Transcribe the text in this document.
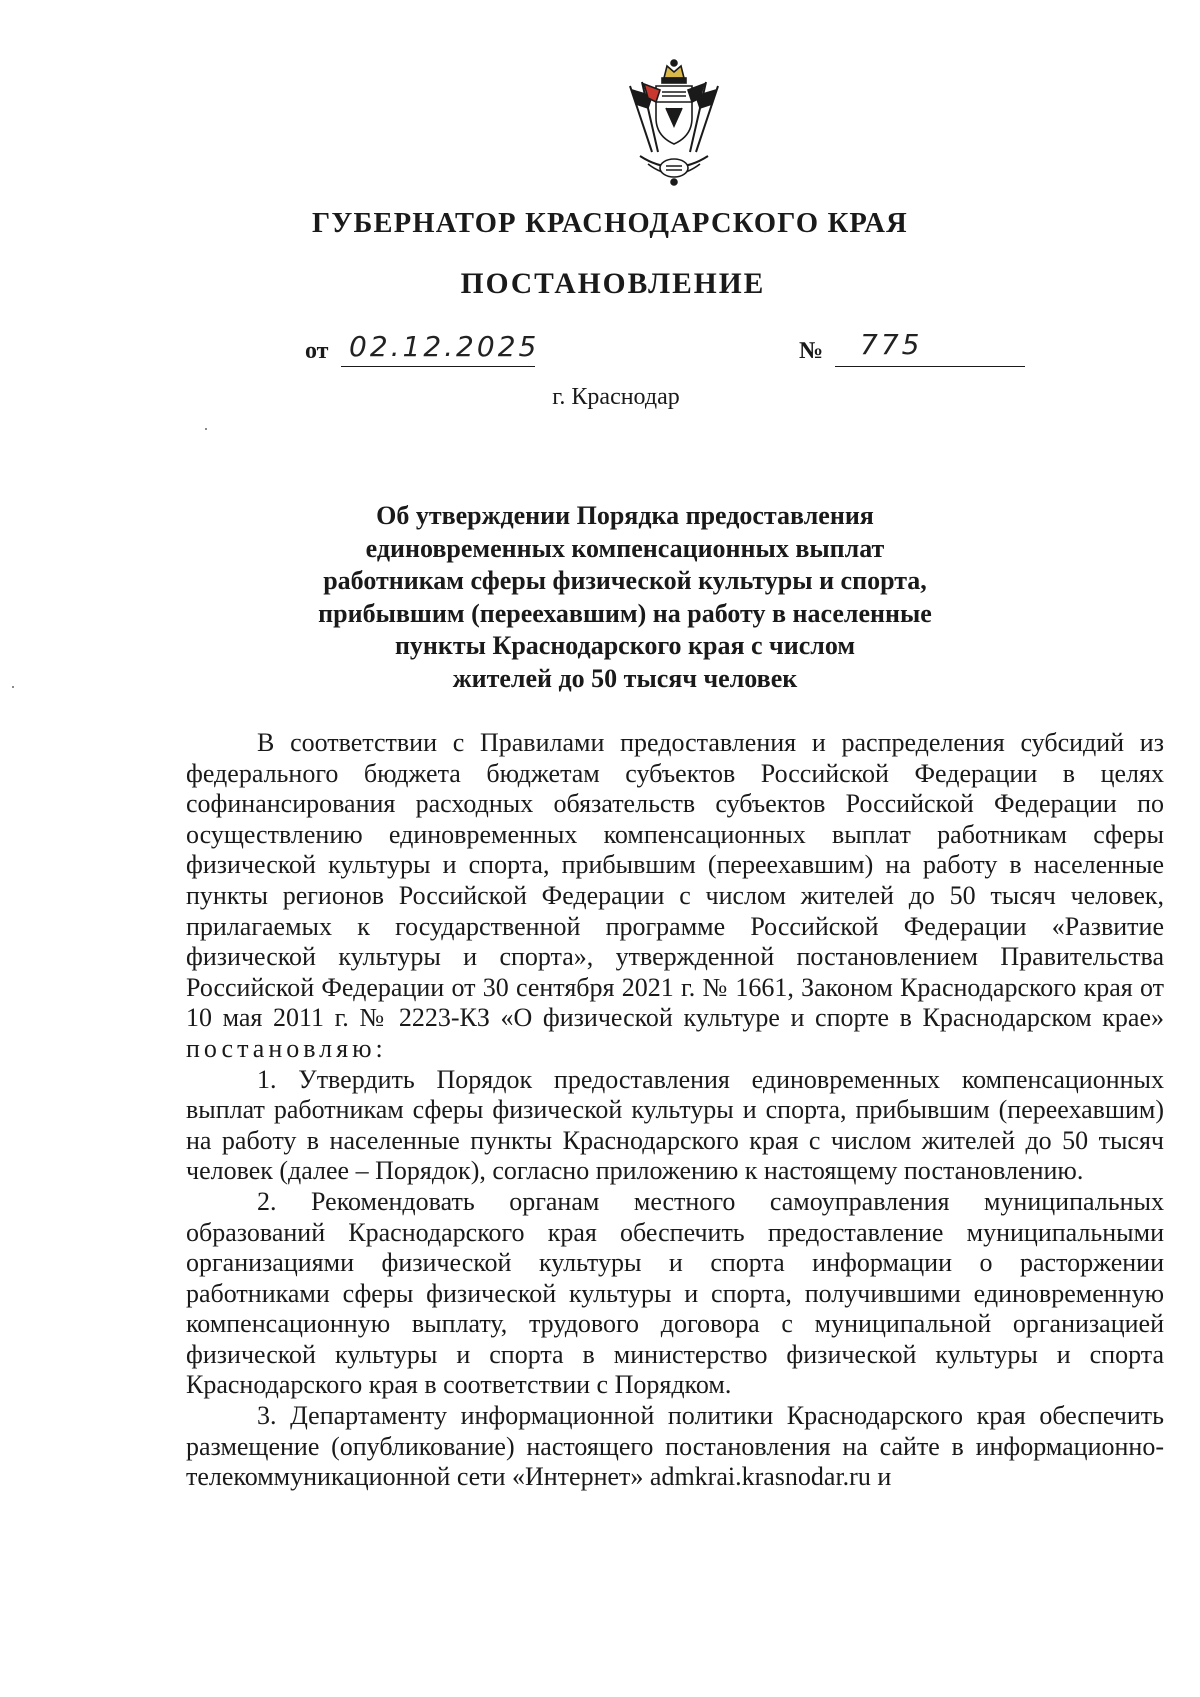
ГУБЕРНАТОР КРАСНОДАРСКОГО КРАЯ
ПОСТАНОВЛЕНИЕ
от 02.12.2025	№ 775
г. Краснодар
Об утверждении Порядка предоставления
единовременных компенсационных выплат
работникам сферы физической культуры и спорта,
прибывшим (переехавшим) на работу в населенные
пункты Краснодарского края с числом
жителей до 50 тысяч человек

В соответствии с Правилами предоставления и распределения субсидий из федерального бюджета бюджетам субъектов Российской Федерации в целях софинансирования расходных обязательств субъектов Российской Федерации по осуществлению единовременных компенсационных выплат работникам сферы физической культуры и спорта, прибывшим (переехавшим) на работу в населенные пункты регионов Российской Федерации с числом жителей до 50 тысяч человек, прилагаемых к государственной программе Российской Федерации «Развитие физической культуры и спорта», утвержденной постановлением Правительства Российской Федерации от 30 сентября 2021 г. № 1661, Законом Краснодарского края от 10 мая 2011 г. № 2223-КЗ «О физической культуре и спорте в Краснодарском крае» постановляю:

1. Утвердить Порядок предоставления единовременных компенсационных выплат работникам сферы физической культуры и спорта, прибывшим (переехавшим) на работу в населенные пункты Краснодарского края с числом жителей до 50 тысяч человек (далее – Порядок), согласно приложению к настоящему постановлению.

2. Рекомендовать органам местного самоуправления муниципальных образований Краснодарского края обеспечить предоставление муниципальными организациями физической культуры и спорта информации о расторжении работниками сферы физической культуры и спорта, получившими единовременную компенсационную выплату, трудового договора с муниципальной организацией физической культуры и спорта в министерство физической культуры и спорта Краснодарского края в соответствии с Порядком.

3. Департаменту информационной политики Краснодарского края обеспечить размещение (опубликование) настоящего постановления на сайте в информационно-телекоммуникационной сети «Интернет» admkrai.krasnodar.ru и
